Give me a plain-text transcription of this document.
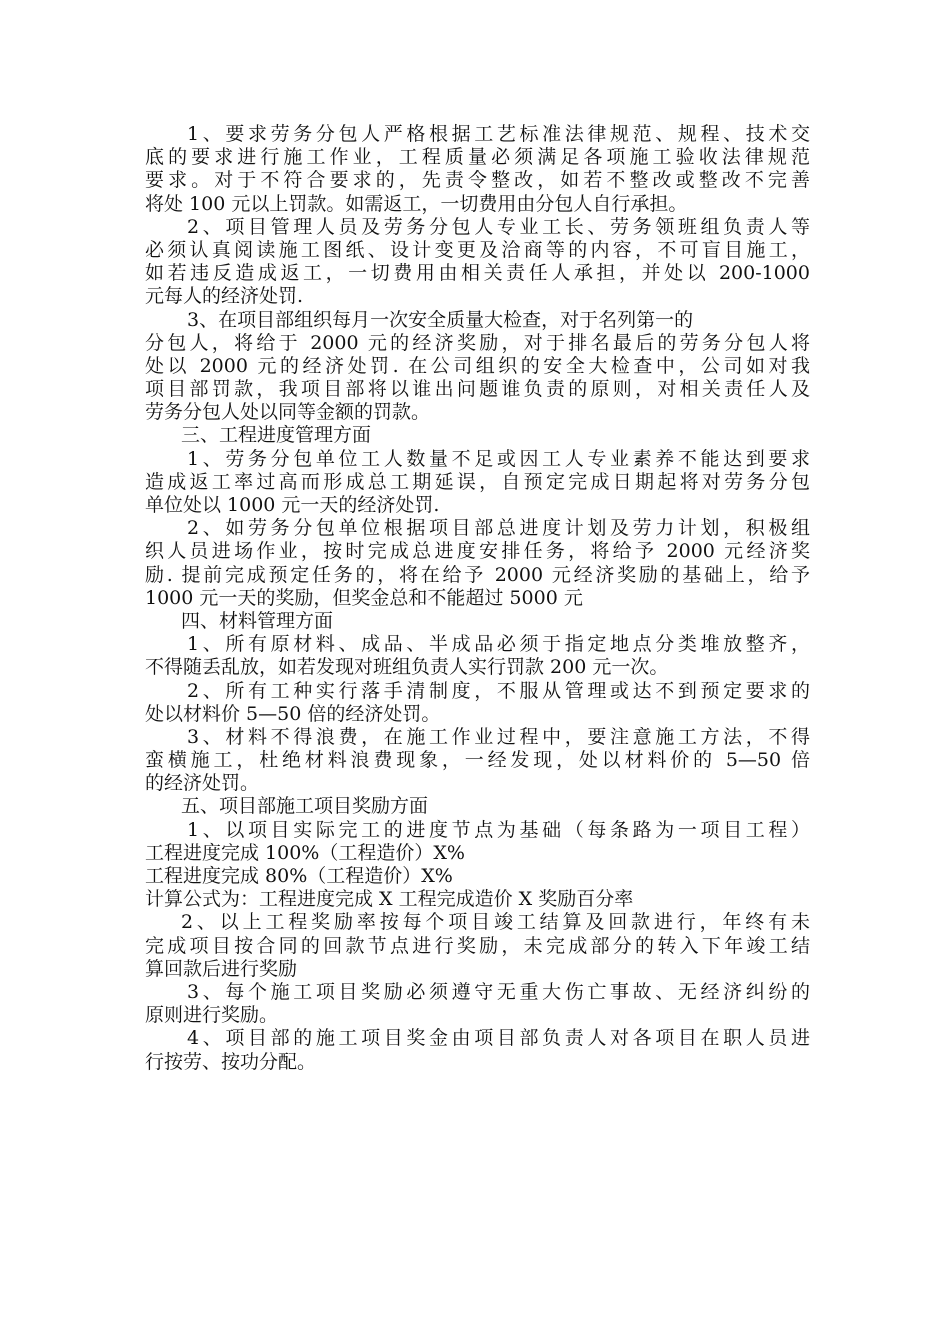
1、要求劳务分包人严格根据工艺标准法律规范、规程、技术交
底的要求进行施工作业，工程质量必须满足各项施工验收法律规范
要求。对于不符合要求的，先责令整改，如若不整改或整改不完善
将处 100 元以上罚款。如需返工，一切费用由分包人自行承担。
2、项目管理人员及劳务分包人专业工长、劳务领班组负责人等
必须认真阅读施工图纸、设计变更及洽商等的内容，不可盲目施工，
如若违反造成返工，一切费用由相关责任人承担，并处以 200-1000
元每人的经济处罚.
3、在项目部组织每月一次安全质量大检查，对于名列第一的
分包人，将给于 2000 元的经济奖励，对于排名最后的劳务分包人将
处以 2000 元的经济处罚. 在公司组织的安全大检查中，公司如对我
项目部罚款，我项目部将以谁出问题谁负责的原则，对相关责任人及
劳务分包人处以同等金额的罚款。
三、工程进度管理方面
1、劳务分包单位工人数量不足或因工人专业素养不能达到要求
造成返工率过高而形成总工期延误，自预定完成日期起将对劳务分包
单位处以 1000 元一天的经济处罚.
2、如劳务分包单位根据项目部总进度计划及劳力计划，积极组
织人员进场作业，按时完成总进度安排任务，将给予 2000 元经济奖
励. 提前完成预定任务的，将在给予 2000 元经济奖励的基础上，给予
1000 元一天的奖励，但奖金总和不能超过 5000 元
四、材料管理方面
1、所有原材料、成品、半成品必须于指定地点分类堆放整齐，
不得随丢乱放，如若发现对班组负责人实行罚款 200 元一次。
2、所有工种实行落手清制度，不服从管理或达不到预定要求的
处以材料价 5—50 倍的经济处罚。
3、材料不得浪费，在施工作业过程中，要注意施工方法，不得
蛮横施工，杜绝材料浪费现象，一经发现，处以材料价的 5—50 倍
的经济处罚。
五、项目部施工项目奖励方面
1、以项目实际完工的进度节点为基础（每条路为一项目工程）
工程进度完成 100%（工程造价）X%
工程进度完成 80%（工程造价）X%
计算公式为：工程进度完成 X 工程完成造价 X 奖励百分率
2、以上工程奖励率按每个项目竣工结算及回款进行，年终有未
完成项目按合同的回款节点进行奖励，未完成部分的转入下年竣工结
算回款后进行奖励
3、每个施工项目奖励必须遵守无重大伤亡事故、无经济纠纷的
原则进行奖励。
4、项目部的施工项目奖金由项目部负责人对各项目在职人员进
行按劳、按功分配。
